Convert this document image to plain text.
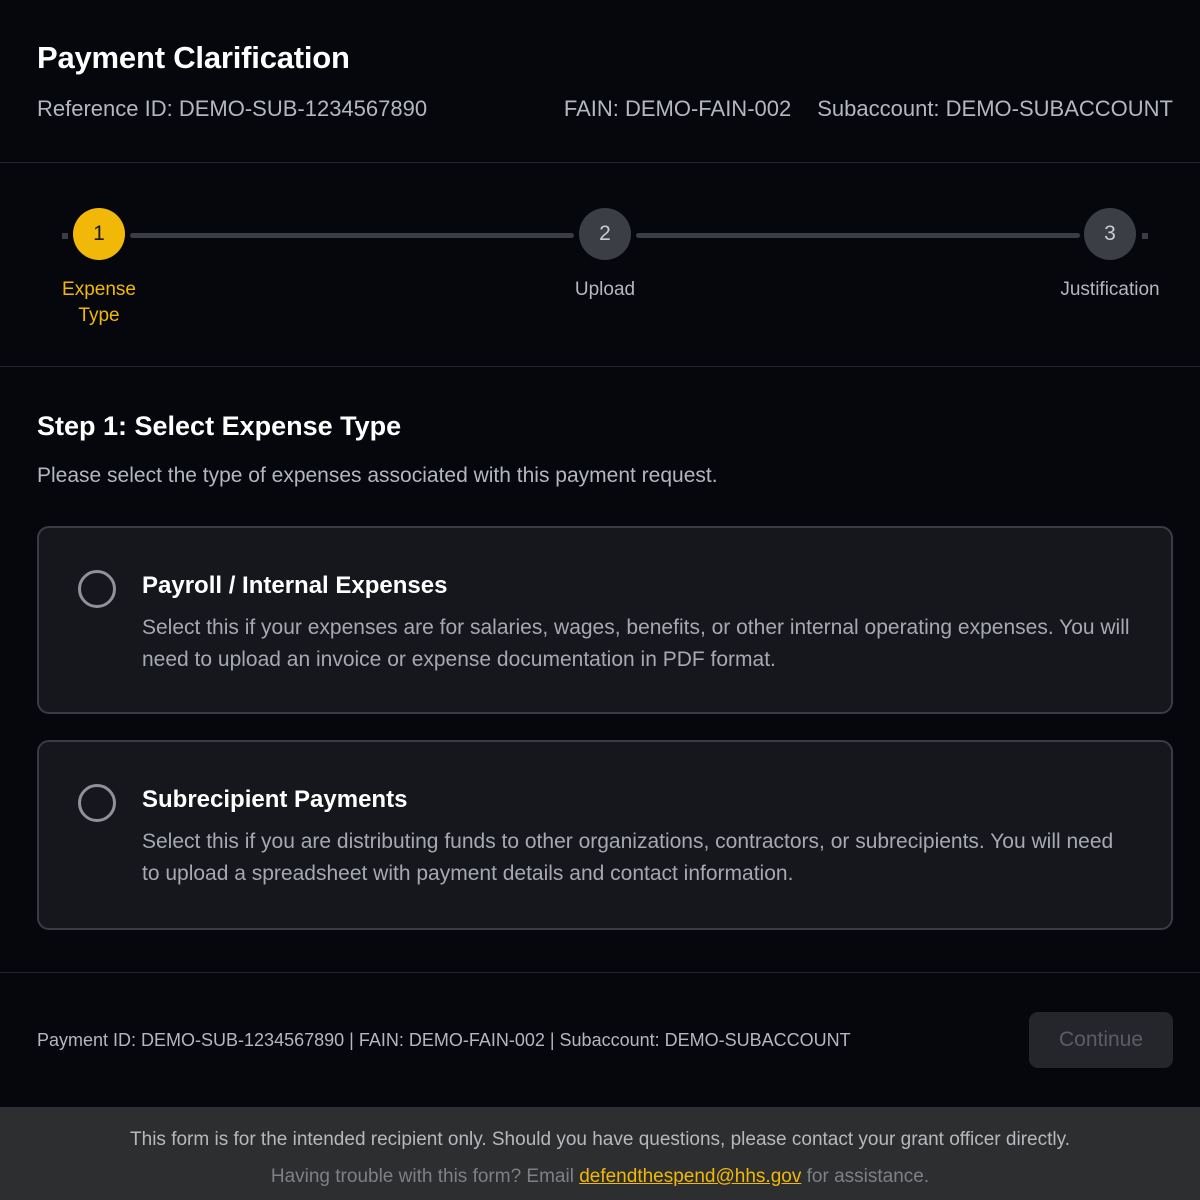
Payment Clarification
Reference ID: DEMO-SUB-1234567890	FAIN: DEMO-FAIN-002 Subaccount: DEMO-SUBACCOUNT
1	2	3
Expense Type
Upload	Justification
Step 1: Select Expense Type

Please select the type of expenses associated with this payment request.

Payroll / Internal Expenses
Select this if your expenses are for salaries, wages, benefits, or other internal operating expenses. You will need to upload an invoice or expense documentation in PDF format.
Subrecipient Payments
Select this if you are distributing funds to other organizations, contractors, or subrecipients. You will need to upload a spreadsheet with payment details and contact information.
Payment ID: DEMO-SUB-1234567890 | FAIN: DEMO-FAIN-002 | Subaccount: DEMO-SUBACCOUNT	Continue
This form is for the intended recipient only. Should you have questions, please contact your grant officer directly.
Having trouble with this form? Email defendthespend@hhs.gov for assistance.
